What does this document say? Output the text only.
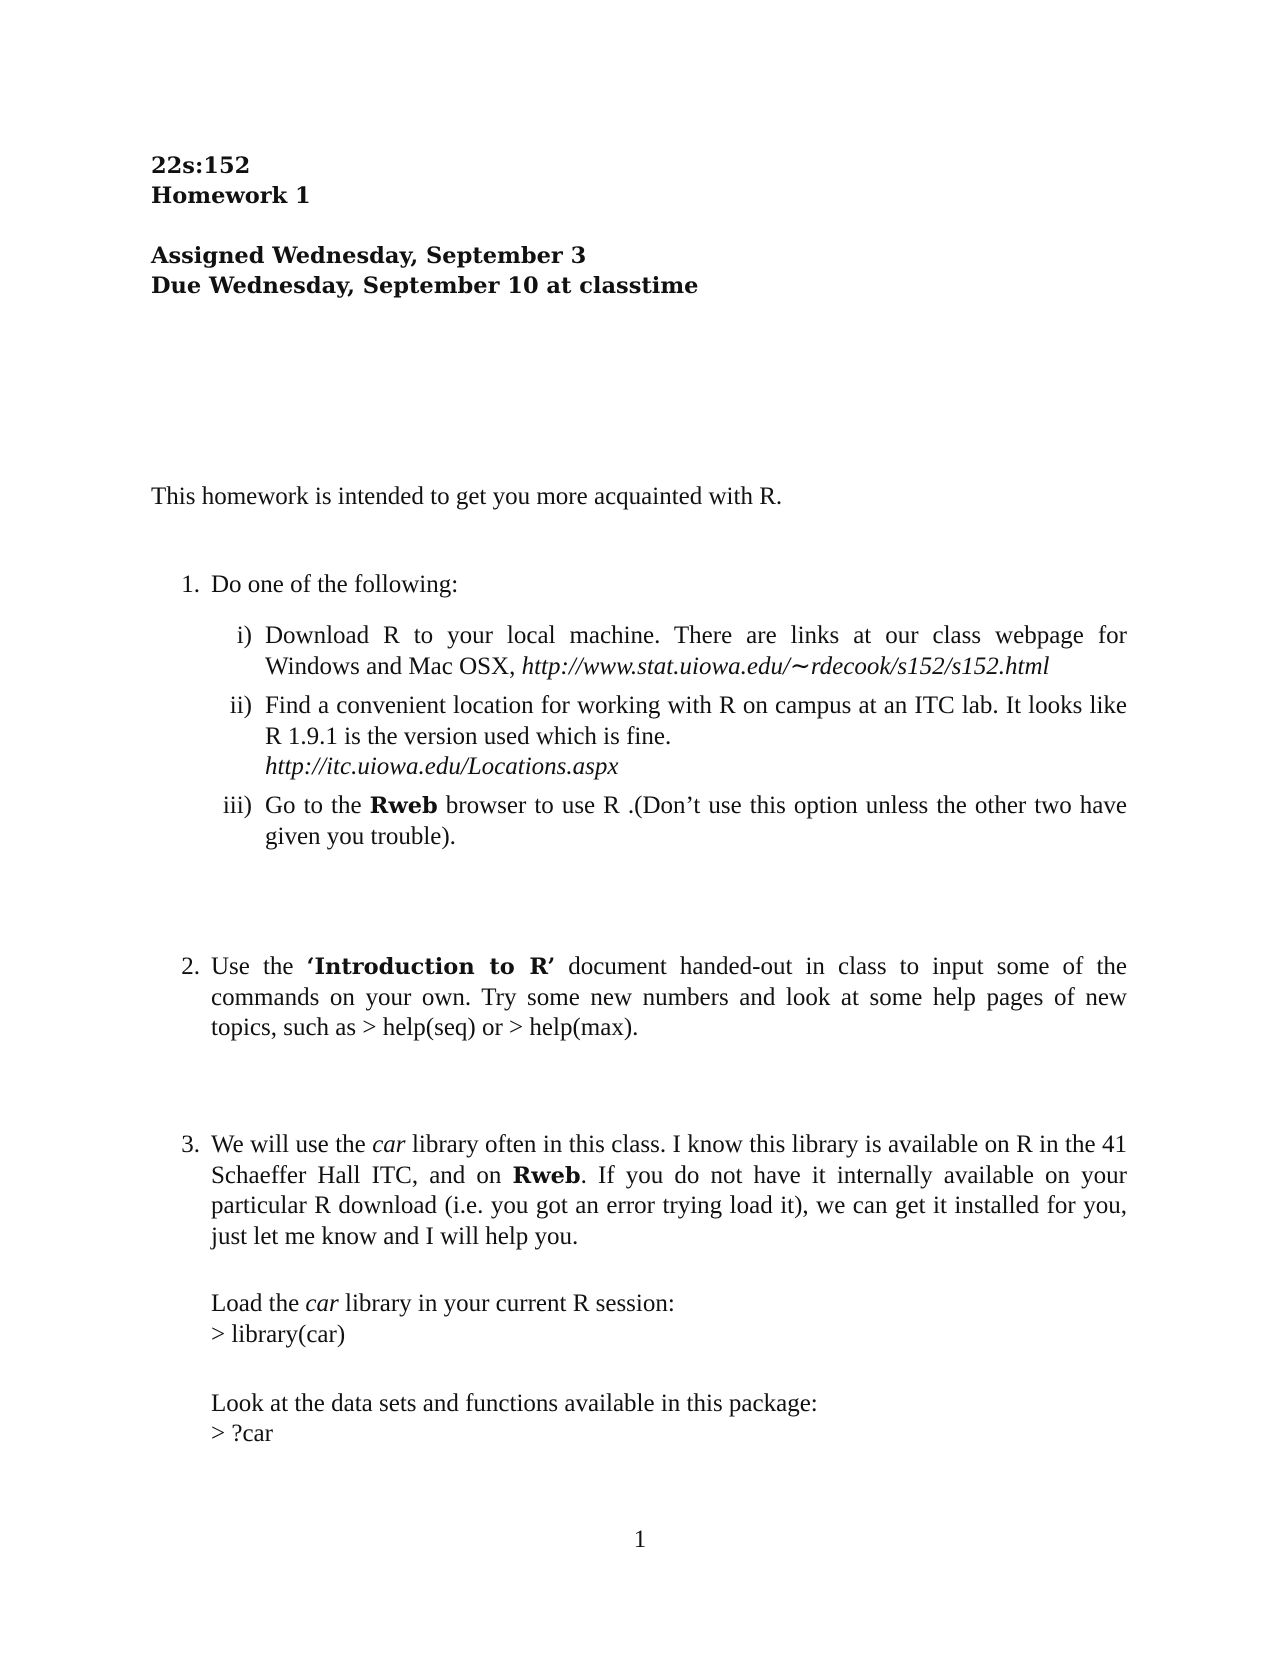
22s:152
Homework 1
Assigned Wednesday, September 3
Due Wednesday, September 10 at classtime
This homework is intended to get you more acquainted with R.
1. Do one of the following:
i) Download R to your local machine. There are links at our class webpage for Windows and Mac OSX, http://www.stat.uiowa.edu/∼rdecook/s152/s152.html
ii) Find a convenient location for working with R on campus at an ITC lab. It looks like R 1.9.1 is the version used which is fine.
http://itc.uiowa.edu/Locations.aspx
iii) Go to the Rweb browser to use R .(Don’t use this option unless the other two have given you trouble).
2. Use the ‘Introduction to R’ document handed-out in class to input some of the commands on your own. Try some new numbers and look at some help pages of new topics, such as > help(seq) or > help(max).
3. We will use the car library often in this class. I know this library is available on R in the 41 Schaeffer Hall ITC, and on Rweb. If you do not have it internally available on your particular R download (i.e. you got an error trying load it), we can get it installed for you, just let me know and I will help you.
Load the car library in your current R session:
> library(car)
Look at the data sets and functions available in this package:
> ?car
1
